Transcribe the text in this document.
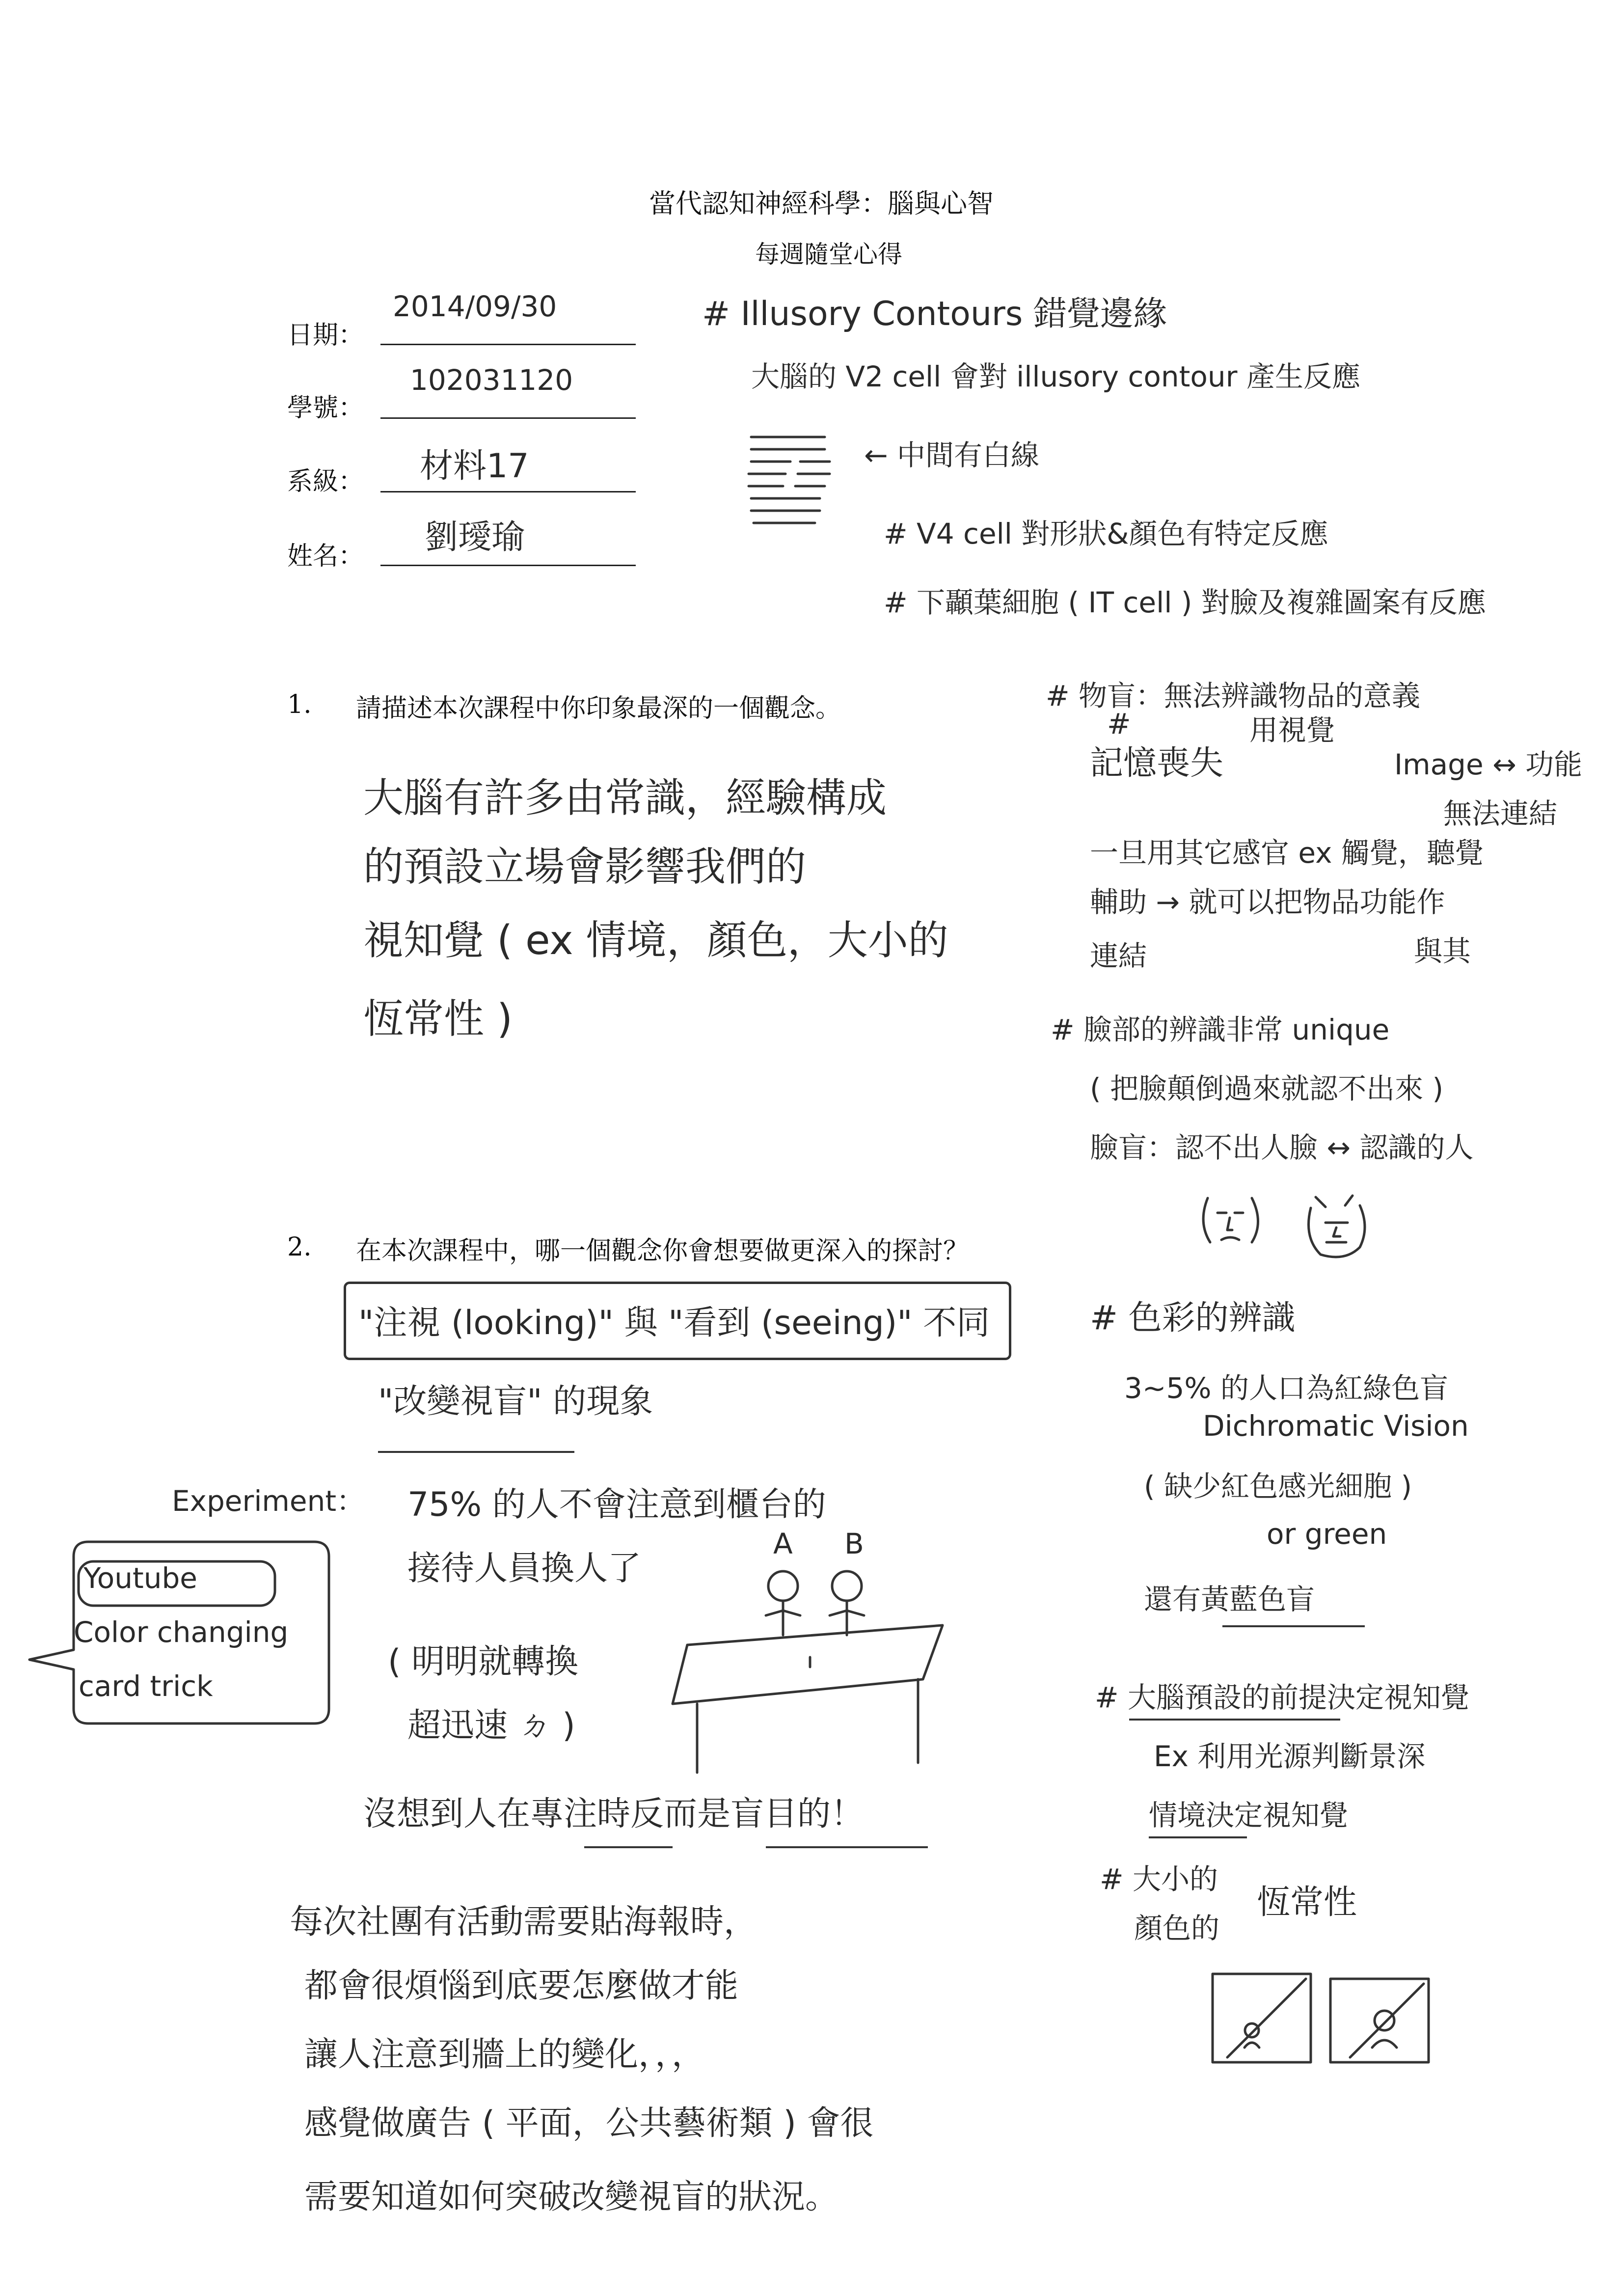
當代認知神經科學：腦與心智
每週隨堂心得
日期：
2014/09/30
學號：
102031120
系級： 材料17
姓名： 劉璦瑜
# Illusory Contours 錯覺邊緣
大腦的 V2 cell 會對 illusory contour 產生反應
← 中間有白線
# V4 cell 對形狀&顏色有特定反應
# 下顳葉細胞 ( IT cell ) 對臉及複雜圖案有反應
1. 請描述本次課程中你印象最深的一個觀念。
大腦有許多由常識，經驗構成
的預設立場會影響我們的
視知覺 ( ex 情境，顏色，大小的
恆常性 )
# 物盲：無法辨識物品的意義
用視覺
#
記憶喪失	Image ↔ 功能
無法連結
一旦用其它感官 ex 觸覺，聽覺
輔助 → 就可以把物品功能作
連結	與其
# 臉部的辨識非常 unique
( 把臉顛倒過來就認不出來 )
臉盲：認不出人臉 ↔ 認識的人
2. 在本次課程中，哪一個觀念你會想要做更深入的探討？
"注視 (looking)" 與 "看到 (seeing)" 不同
"改變視盲" 的現象
Experiment： 75% 的人不會注意到櫃台的
接待人員換人了
( 明明就轉換
超迅速 ㄉ )
Youtube
Color changing
card trick
A B
沒想到人在專注時反而是盲目的！
每次社團有活動需要貼海報時，
都會很煩惱到底要怎麼做才能
讓人注意到牆上的變化，，，
感覺做廣告 ( 平面，公共藝術類 ) 會很
需要知道如何突破改變視盲的狀況。
# 色彩的辨識
3~5% 的人口為紅綠色盲
Dichromatic Vision
( 缺少紅色感光細胞 )
or green
還有黃藍色盲
# 大腦預設的前提決定視知覺
Ex 利用光源判斷景深
情境決定視知覺
# 大小的
顏色的
恆常性
